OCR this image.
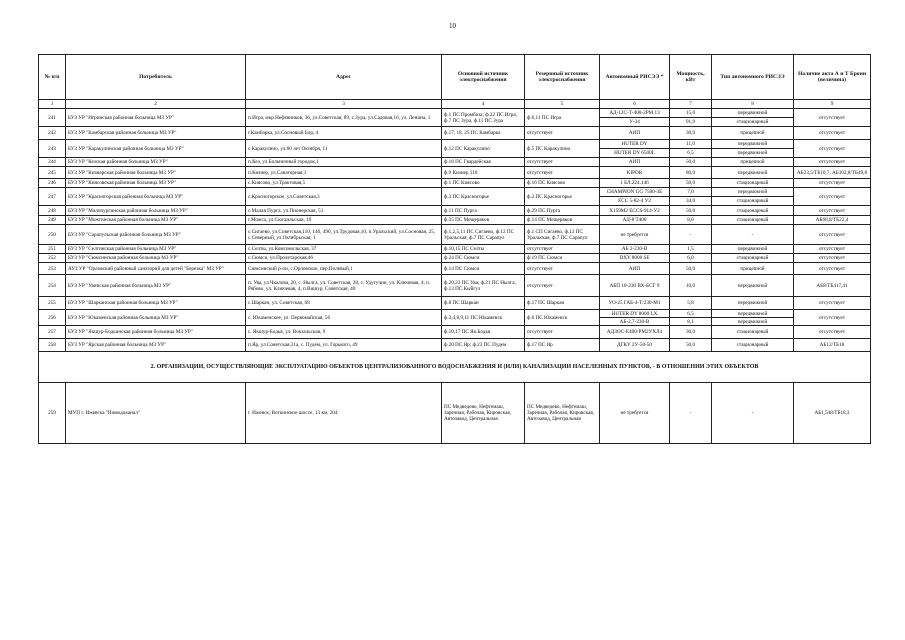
10
№ п/п	Потребитель	Адрес	Основной источник электроснабжения	Резервный источник электроснабжения	Автономный РИСЭЭ *	Мощность, кВт	Тип автономного РИСЭЭ	Наличие акта А и Т Брони (величина)
1	2	3	4	5	6	7	8	9
241	БУЗ УР "Игринская районная больница МЗ УР"	п.Игра, мкр.Нефтяников, 36, ул.Советская, 89, с.Зура, ул.Садовая,16, ул. Ленина, 1	ф.1 ПС Промбаза; ф.22 ПС Игра, ф.7 ПС Зура, ф.11 ПС Зура	ф.6,11 ПС Игра	АД-12С-Т-400-2РМ 13	15,0	передвижной	отсутствует
					У-34	91,9	стационарный	
242	БУЗ УР "Камбарская районная больница МЗ УР"	г.Камбарка, ул.Сосновый Бор, 4	ф.17, 18, 25 ПС Камбарка	отсутствует	АИП	30,0	прицепной	отсутствует
243	БУЗ УР "Каракулинская районная больница МЗ УР"	с.Каракулино, ул.60 лет Октября, 11	ф.12 ПС Каракулино	ф.5 ПС Каракулино	HUTER DY	11,0	передвижной	отсутствует
					HUTER DY 6500L	6,5	передвижной	
244	БУЗ УР "Кезская районная больница МЗ УР"	п.Кез, ул.Больничный городок,1	ф.18 ПС Гвардейская	отсутствует	АИП	50,0	прицепной	отсутствует
245	БУЗ УР "Кизнерская районная больница МЗ УР"	п.Кизнер, ул.Санаторная,1	ф.9 Кизнер 110	отсутствует	KIPOR	80,0	передвижной	АБ23,5/ТБ10,7, АБ102,8/ТБ49,8
246	БУЗ УР "Киясовская районная больница МЗ УР"	с.Киясово, ул.Трактовая,5	ф.1 ПС Киясово	ф.16 ПС Киясово	1 БЛ.224.146	50,0	стационарный	отсутствует
247	БУЗ УР "Красногорская районная больница МЗ УР"	с.Красногорское, ул.Советская,3	ф.3 ПС Красногорье	ф.2 ПС Красногорье	CHAMPION GG 7500-3E	7,0	передвижной	отсутствует
					ЕСС 5-82-4 У2	34,0	стационарный	
248	БУЗ УР "Малопургинская районная больница МЗ УР"	с.Малая Пурга, ул.Пионерская, 51	ф.11 ПС Пурга	ф.29 ПС Пурга	Х159М2 ЕССS-914-У2	50,0	стационарный	отсутствует
249	БУЗ УР "Можгинская районная больница МЗ УР"	г.Можга, ул.Сюгаильская, 19	ф.35 ПС Мещеряков	ф.14 ПС Мещеряков	АД-8 Т400	8,0	стационарный	АБ68,8/ТБ22,4
250	БУЗ УР "Сарапульская районная больница МЗ УР"	с.Сигаево, ул.Советская,110, 146, 490, ул.Трудовая,10, п.Уральский, ул.Сосновая, 25, с.Северный, ул.Октябрьская, 1	ф.1,2,5,11 ПС Сигаево, ф.12 ПС Уральская, ф.7 ПС Сарапул	ф.1 СП Сигаево, ф.12 ПС Уральская, ф.7 ПС Сарапул	не требуется	-	-	отсутствует
251	БУЗ УР "Селтинская районная больница МЗ УР"	с.Селты, ул.Комсомольская, 37	ф.10,15 ПС Селты	отсутствует	АБ 2-230-В	1,5	передвижной	отсутствует
252	БУЗ УР "Сюмсинская районная больница МЗ УР"	с.Сюмси, ул.Пролетарская,46	ф.24 ПС Сюмси	ф.19 ПС Сюмси	DXY 8000 SE	6,0	стационарный	отсутствует
253	АУЗ УР "Орловский районный санаторий для детей "Березка" МЗ УР"	Сюмсинский р-он, с.Орловское, пер.Полевый,1	ф.14 ПС Сюмси	отсутствует	АИП	50,0	прицепной	отсутствует
254	БУЗ УР "Увинская районная больница МЗ УР"	п. Ува, ул.Чкалова, 20, с. Нылга, ул. Советская, 28, с. Удугучин, ул. Ключевая, 4, п. Рябово, ул. Ключевая, 4, п.Вишур, Советская, 40	ф.20,23 ПС Ува; ф.21 ПС Нылга, ф.13 ПС Кыйгуз	отсутствует	АБП 10-230 ВХ-БСГ 9	10,0	передвижной	АБ8/ТБ417,41
255	БУЗ УР "Шарканская районная больница МЗ УР"	с.Шаркан, ул. Советская, 68	ф.8 ПС Шаркан	ф.17 ПС Шаркан	УО-25 ГАБ-4-Т/230-М1	5,8	передвижной	отсутствует
256	БУЗ УР "Юкаменская районная больница МЗ УР"	с. Юкаменское, ул. Первомайская, 56	ф.3,4,8,9,11 ПС Юкаменск	ф.6 ПС Юкаменск	HUTER DY 8000 LX	6,5	передвижной	отсутствует
					АБ-2,7-230-В	8,1	передвижной	
257	БУЗ УР "Якшур-Бодьинская районная больница МЗ УР"	с. Якшур-Бодья, ул. Вокзальская, 9	ф.10,17 ПС Як.Бодья	отсутствует	АДЗОС-Е400-РМ2УХЛ4	30,0	стационарный	отсутствует
258	БУЗ УР "Ярская районная больница МЗ УР"	п.Яр, ул.Советская,31а, с. Пудем, ул. Горького, 49	ф.20 ПС Яр; ф.23 ПС Пудем	ф.17 ПС Яр	ДГКУ 2У-50-50	50,0	стационарный	АБ12/ТБ18
2. ОРГАНИЗАЦИИ, ОСУЩЕСТВЛЯЮЩИЕ ЭКСПЛУАТАЦИЮ ОБЪЕКТОВ ЦЕНТРАЛИЗОВАННОГО ВОДОСНАБЖЕНИЯ И (ИЛИ) КАНАЛИЗАЦИИ НАСЕЛЕННЫХ ПУНКТОВ, - В ОТНОШЕНИИ ЭТИХ ОБЪЕКТОВ								
259	МУП г. Ижевска "Ижводоканал"	г. Ижевск, Воткинское шоссе, 13 км, 204	ПС Медведево, Нефтемаш, Заречная, Рабочая, Кировская, Автозавод, Центральная	ПС Медведево, Нефтемаш, Заречная, Рабочая, Кировская, Автозавод, Центральная	не требуется	-	-	АБ1,548/ТБ18,3
